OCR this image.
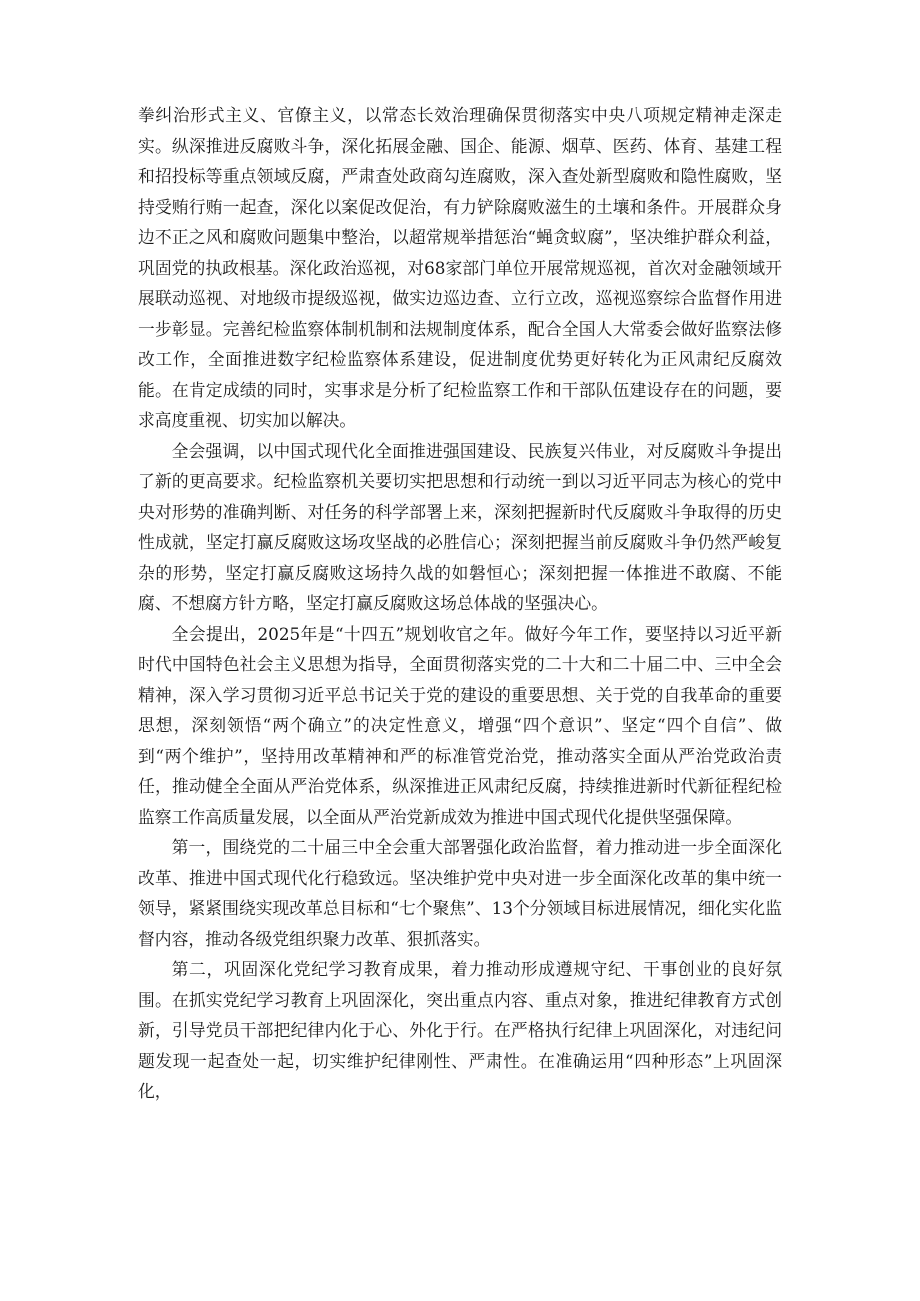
拳纠治形式主义、官僚主义，以常态长效治理确保贯彻落实中央八项规定精神走深走实。纵深推进反腐败斗争，深化拓展金融、国企、能源、烟草、医药、体育、基建工程和招投标等重点领域反腐，严肃查处政商勾连腐败，深入查处新型腐败和隐性腐败，坚持受贿行贿一起查，深化以案促改促治，有力铲除腐败滋生的土壤和条件。开展群众身边不正之风和腐败问题集中整治，以超常规举措惩治“蝇贪蚁腐”，坚决维护群众利益，巩固党的执政根基。深化政治巡视，对68家部门单位开展常规巡视，首次对金融领域开展联动巡视、对地级市提级巡视，做实边巡边查、立行立改，巡视巡察综合监督作用进一步彰显。完善纪检监察体制机制和法规制度体系，配合全国人大常委会做好监察法修改工作，全面推进数字纪检监察体系建设，促进制度优势更好转化为正风肃纪反腐效能。在肯定成绩的同时，实事求是分析了纪检监察工作和干部队伍建设存在的问题，要求高度重视、切实加以解决。

全会强调，以中国式现代化全面推进强国建设、民族复兴伟业，对反腐败斗争提出了新的更高要求。纪检监察机关要切实把思想和行动统一到以习近平同志为核心的党中央对形势的准确判断、对任务的科学部署上来，深刻把握新时代反腐败斗争取得的历史性成就，坚定打赢反腐败这场攻坚战的必胜信心；深刻把握当前反腐败斗争仍然严峻复杂的形势，坚定打赢反腐败这场持久战的如磐恒心；深刻把握一体推进不敢腐、不能腐、不想腐方针方略，坚定打赢反腐败这场总体战的坚强决心。

全会提出，2025年是“十四五”规划收官之年。做好今年工作，要坚持以习近平新时代中国特色社会主义思想为指导，全面贯彻落实党的二十大和二十届二中、三中全会精神，深入学习贯彻习近平总书记关于党的建设的重要思想、关于党的自我革命的重要思想，深刻领悟“两个确立”的决定性意义，增强“四个意识”、坚定“四个自信”、做到“两个维护”，坚持用改革精神和严的标准管党治党，推动落实全面从严治党政治责任，推动健全全面从严治党体系，纵深推进正风肃纪反腐，持续推进新时代新征程纪检监察工作高质量发展，以全面从严治党新成效为推进中国式现代化提供坚强保障。

第一，围绕党的二十届三中全会重大部署强化政治监督，着力推动进一步全面深化改革、推进中国式现代化行稳致远。坚决维护党中央对进一步全面深化改革的集中统一领导，紧紧围绕实现改革总目标和“七个聚焦”、13个分领域目标进展情况，细化实化监督内容，推动各级党组织聚力改革、狠抓落实。

第二，巩固深化党纪学习教育成果，着力推动形成遵规守纪、干事创业的良好氛围。在抓实党纪学习教育上巩固深化，突出重点内容、重点对象，推进纪律教育方式创新，引导党员干部把纪律内化于心、外化于行。在严格执行纪律上巩固深化，对违纪问题发现一起查处一起，切实维护纪律刚性、严肃性。在准确运用“四种形态”上巩固深化，
